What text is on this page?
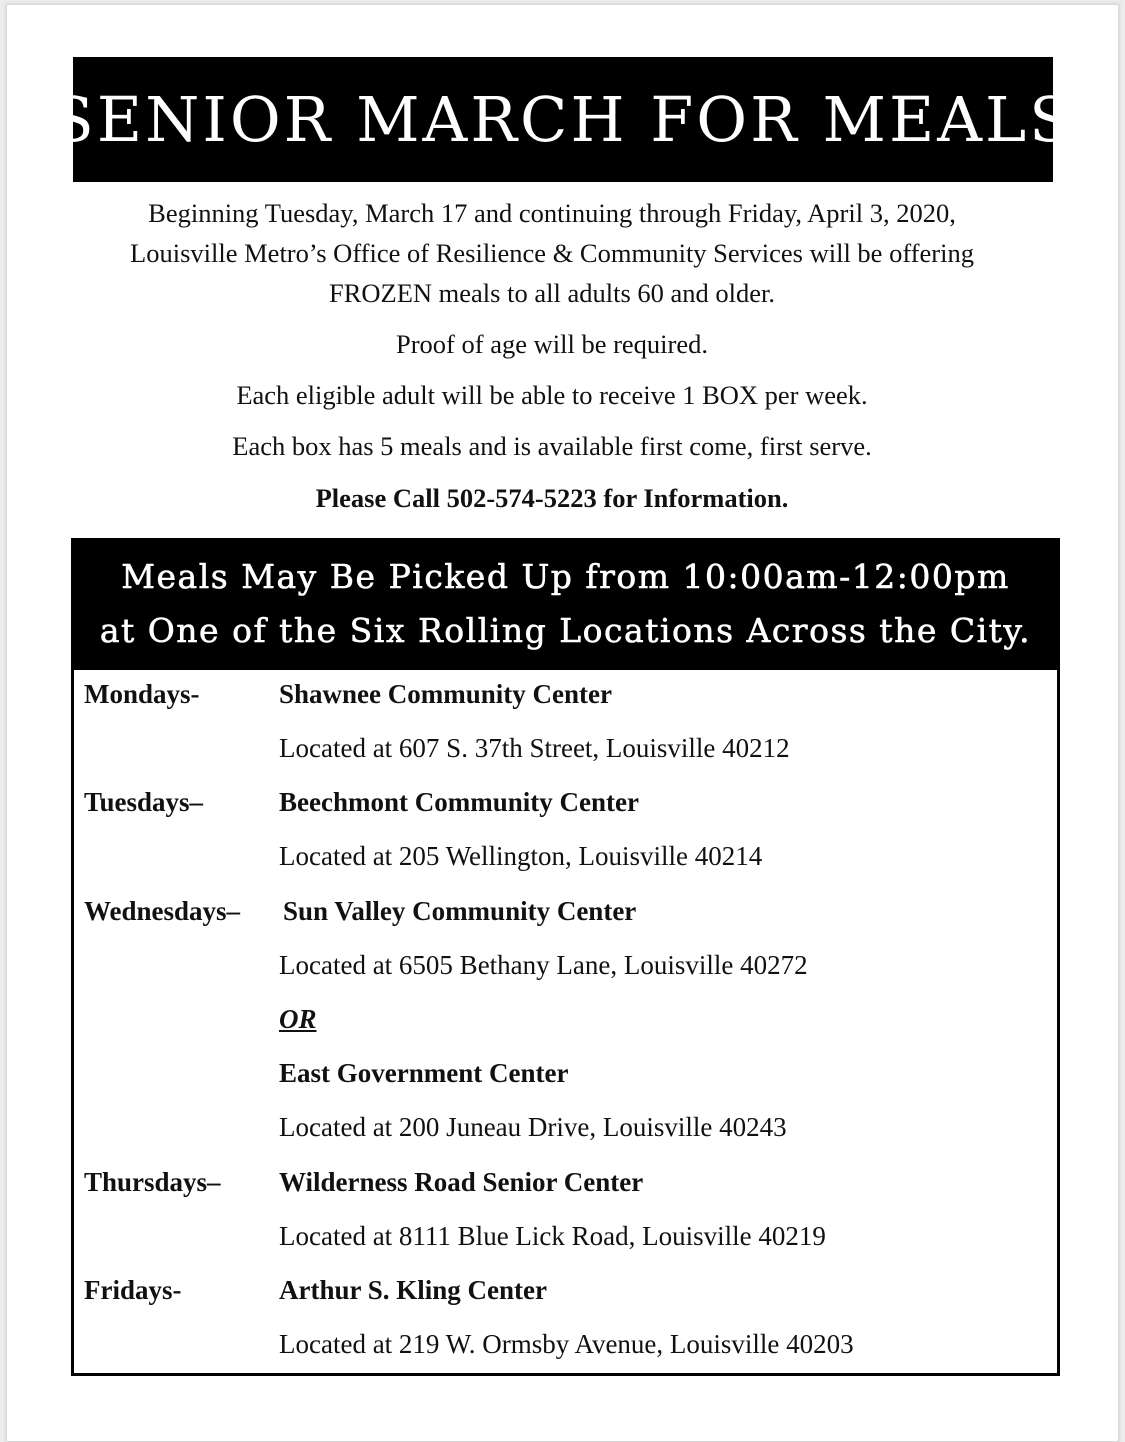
SENIOR MARCH FOR MEALS
Beginning Tuesday, March 17 and continuing through Friday, April 3, 2020,
Louisville Metro’s Office of Resilience & Community Services will be offering
FROZEN meals to all adults 60 and older.
Proof of age will be required.
Each eligible adult will be able to receive 1 BOX per week.
Each box has 5 meals and is available first come, first serve.
Please Call 502-574-5223 for Information.
Meals May Be Picked Up from 10:00am-12:00pm
at One of the Six Rolling Locations Across the City.
Mondays-	Shawnee Community Center
Located at 607 S. 37th Street, Louisville 40212
Tuesdays–	Beechmont Community Center
Located at 205 Wellington, Louisville 40214
Wednesdays– Sun Valley Community Center
Located at 6505 Bethany Lane, Louisville 40272
OR
East Government Center
Located at 200 Juneau Drive, Louisville 40243
Thursdays– Wilderness Road Senior Center
Located at 8111 Blue Lick Road, Louisville 40219
Fridays-	Arthur S. Kling Center
Located at 219 W. Ormsby Avenue, Louisville 40203
